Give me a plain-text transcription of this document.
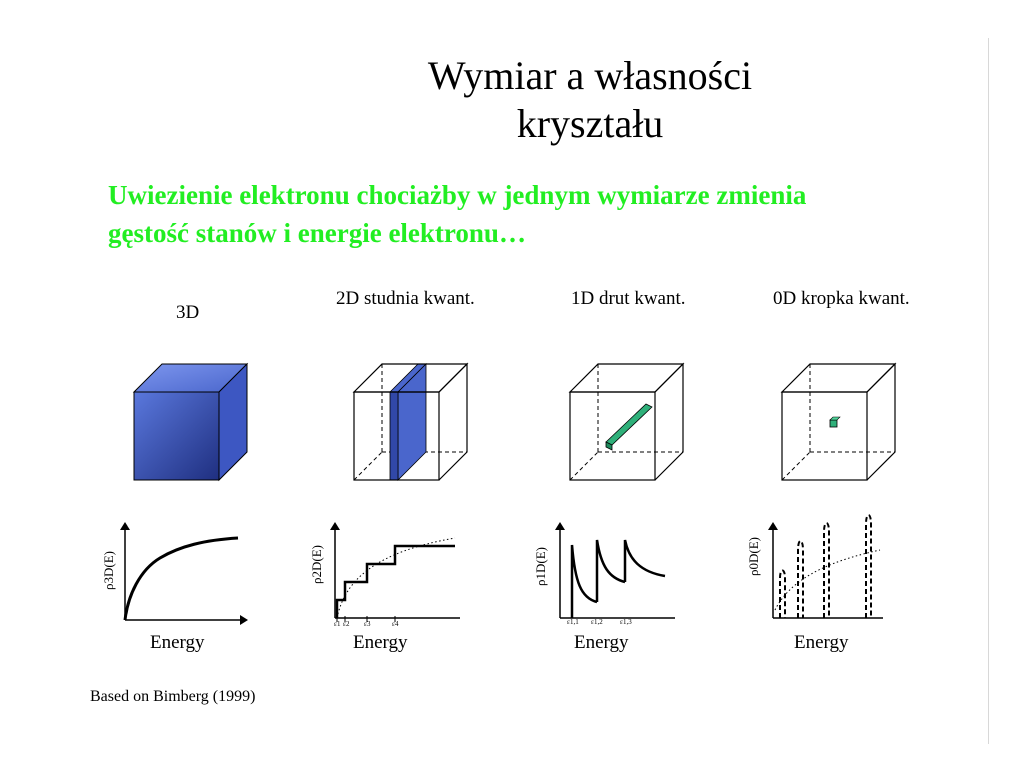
Wymiar a własności
kryształu

Uwiezienie elektronu chociażby w jednym wymiarze zmienia
gęstość stanów i energie elektronu…

3D
2D studnia kwant.	1D drut kwant.	0D kropka kwant.
ρ3D(E)
Energy
ε1 ε2 ε3	ε4
ρ2D(E)
Energy
ε1,1 ε1,2 ε1,3
ρ1D(E)
Energy
ρ0D(E)
Energy
Based on Bimberg (1999)
